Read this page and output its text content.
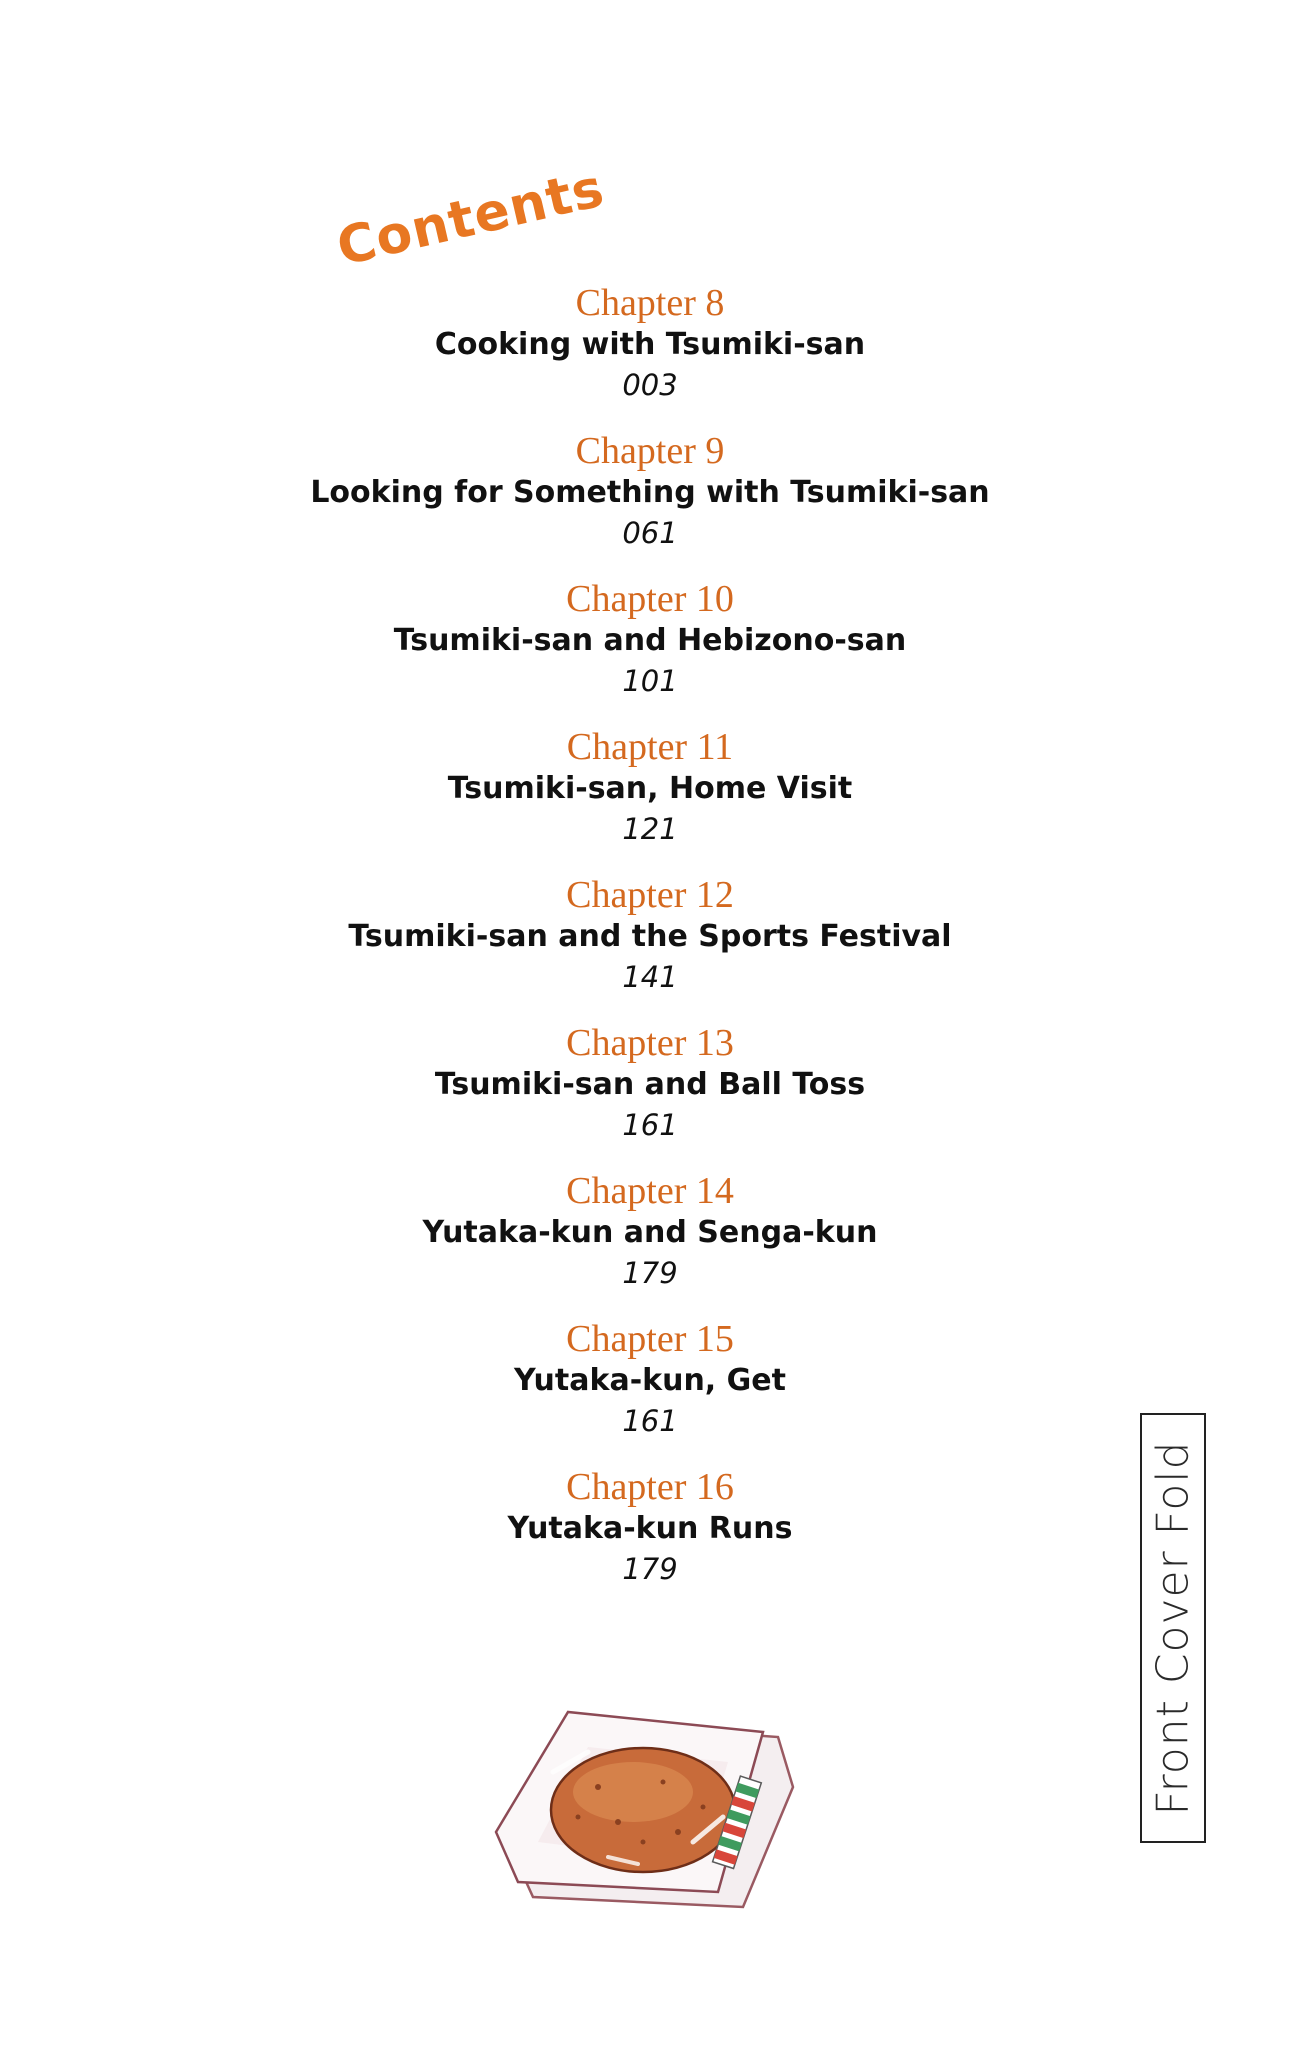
Contents
Chapter 8
Cooking with Tsumiki-san
003
Chapter 9
Looking for Something with Tsumiki-san
061
Chapter 10
Tsumiki-san and Hebizono-san
101
Chapter 11
Tsumiki-san, Home Visit
121
Chapter 12
Tsumiki-san and the Sports Festival
141
Chapter 13
Tsumiki-san and Ball Toss
161
Chapter 14
Yutaka-kun and Senga-kun
179
Chapter 15
Yutaka-kun, Get
161
Chapter 16
Yutaka-kun Runs
179	Front Cover Fold
